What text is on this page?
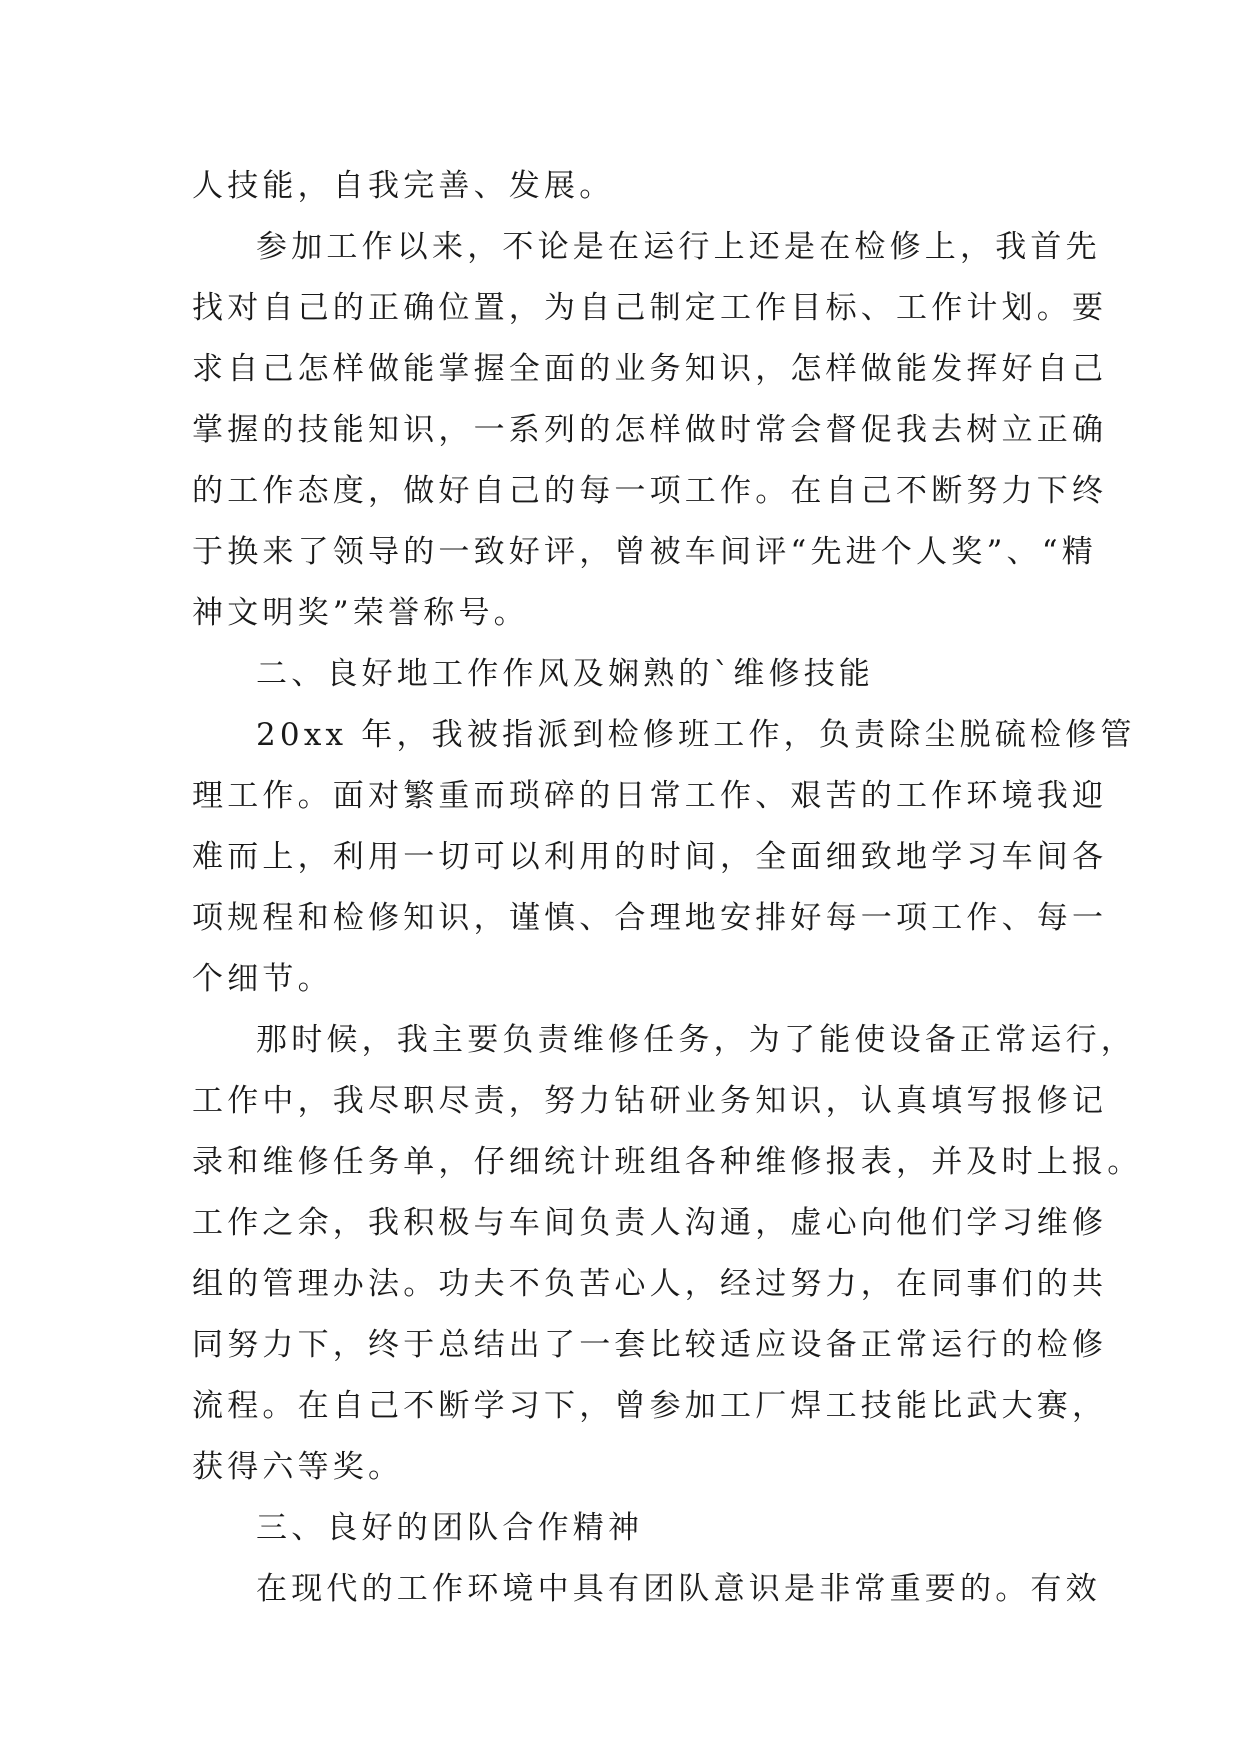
人技能，自我完善、发展。
参加工作以来，不论是在运行上还是在检修上，我首先
找对自己的正确位置，为自己制定工作目标、工作计划。要
求自己怎样做能掌握全面的业务知识，怎样做能发挥好自己
掌握的技能知识，一系列的怎样做时常会督促我去树立正确
的工作态度，做好自己的每一项工作。在自己不断努力下终
于换来了领导的一致好评，曾被车间评“先进个人奖”、“精
神文明奖”荣誉称号。
二、良好地工作作风及娴熟的`维修技能
20xx 年，我被指派到检修班工作，负责除尘脱硫检修管
理工作。面对繁重而琐碎的日常工作、艰苦的工作环境我迎
难而上，利用一切可以利用的时间，全面细致地学习车间各
项规程和检修知识，谨慎、合理地安排好每一项工作、每一
个细节。
那时候，我主要负责维修任务，为了能使设备正常运行，
工作中，我尽职尽责，努力钻研业务知识，认真填写报修记
录和维修任务单，仔细统计班组各种维修报表，并及时上报。
工作之余，我积极与车间负责人沟通，虚心向他们学习维修
组的管理办法。功夫不负苦心人，经过努力，在同事们的共
同努力下，终于总结出了一套比较适应设备正常运行的检修
流程。在自己不断学习下，曾参加工厂焊工技能比武大赛，
获得六等奖。
三、良好的团队合作精神
在现代的工作环境中具有团队意识是非常重要的。有效
